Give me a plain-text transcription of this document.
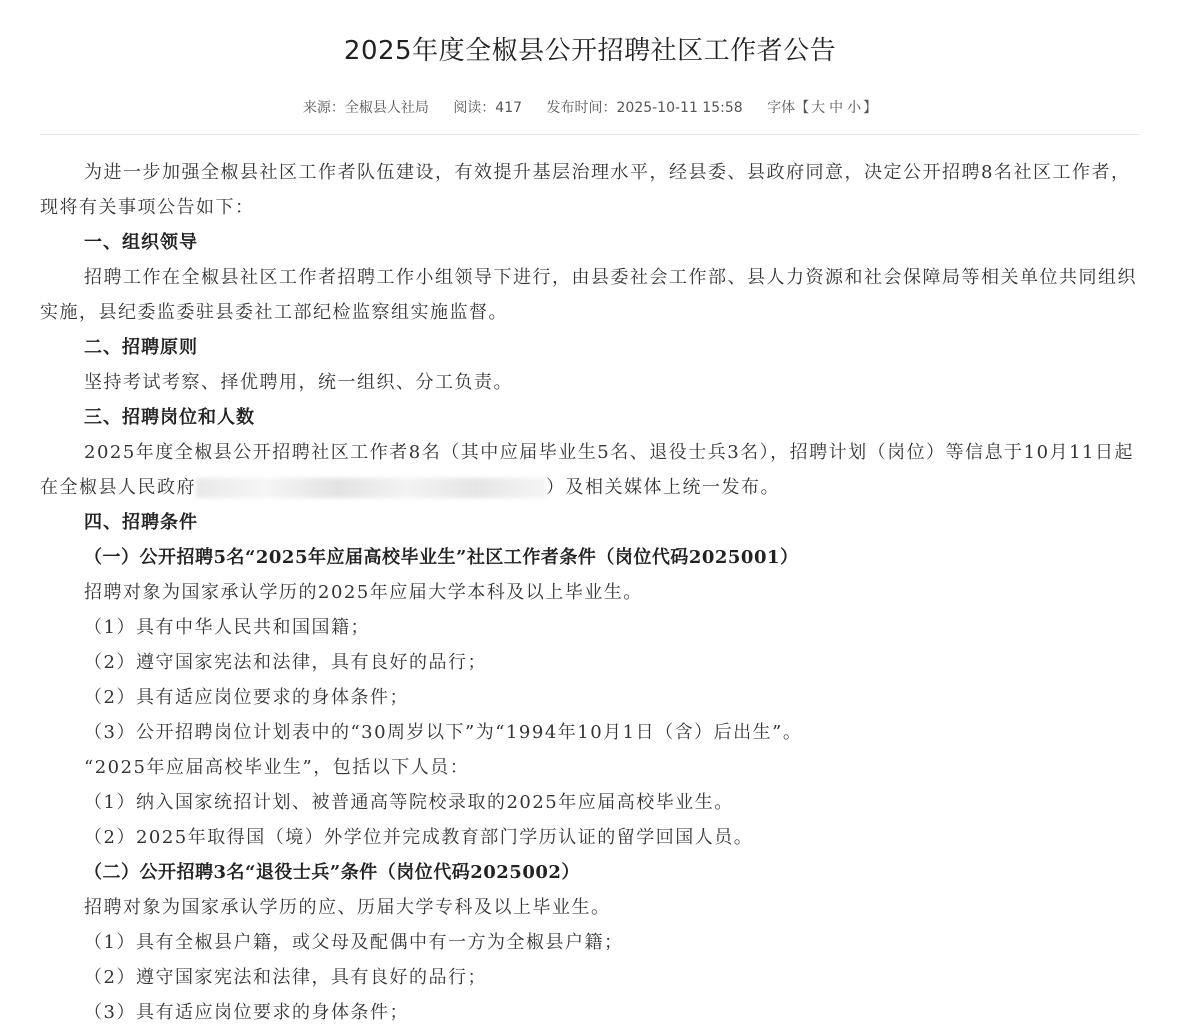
2025年度全椒县公开招聘社区工作者公告
来源：全椒县人社局 阅读：417 发布时间：2025-10-11 15:58 字体【 大 中 小 】

为进一步加强全椒县社区工作者队伍建设，有效提升基层治理水平，经县委、县政府同意，决定公开招聘8名社区工作者，现将有关事项公告如下：

一、组织领导

招聘工作在全椒县社区工作者招聘工作小组领导下进行，由县委社会工作部、县人力资源和社会保障局等相关单位共同组织实施，县纪委监委驻县委社工部纪检监察组实施监督。

二、招聘原则

坚持考试考察、择优聘用，统一组织、分工负责。

三、招聘岗位和人数

2025年度全椒县公开招聘社区工作者8名（其中应届毕业生5名、退役士兵3名），招聘计划（岗位）等信息于10月11日起在全椒县人民政府	）及相关媒体上统一发布。

四、招聘条件

（一）公开招聘5名“2025年应届高校毕业生”社区工作者条件（岗位代码2025001）

招聘对象为国家承认学历的2025年应届大学本科及以上毕业生。

（1）具有中华人民共和国国籍；

（2）遵守国家宪法和法律，具有良好的品行；

（2）具有适应岗位要求的身体条件；

（3）公开招聘岗位计划表中的“30周岁以下”为“1994年10月1日（含）后出生”。

“2025年应届高校毕业生”，包括以下人员：

（1）纳入国家统招计划、被普通高等院校录取的2025年应届高校毕业生。

（2）2025年取得国（境）外学位并完成教育部门学历认证的留学回国人员。

（二）公开招聘3名“退役士兵”条件（岗位代码2025002）

招聘对象为国家承认学历的应、历届大学专科及以上毕业生。

（1）具有全椒县户籍，或父母及配偶中有一方为全椒县户籍；

（2）遵守国家宪法和法律，具有良好的品行；

（3）具有适应岗位要求的身体条件；
